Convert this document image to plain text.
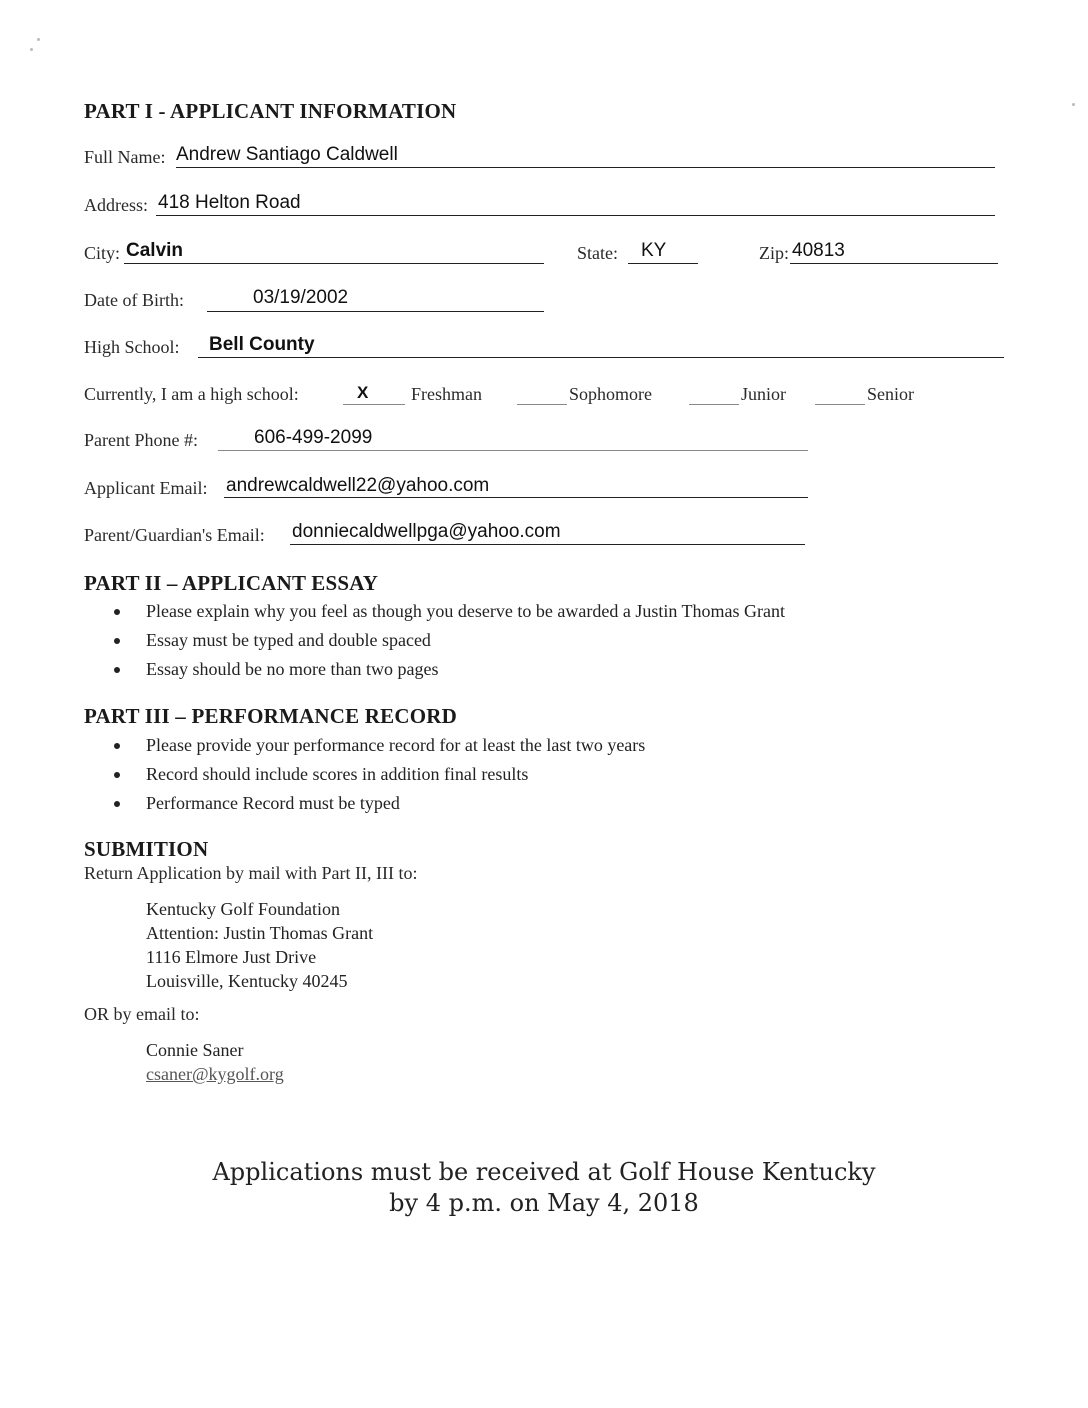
PART I - APPLICANT INFORMATION
Full Name: Andrew Santiago Caldwell
Address: 418 Helton Road
City: Calvin	State: KY	Zip: 40813
Date of Birth:	03/19/2002
High School: Bell County
Currently, I am a high school:	X Freshman	Sophomore	Junior	Senior
Parent Phone #:	606-499-2099
Applicant Email: andrewcaldwell22@yahoo.com
Parent/Guardian's Email: donniecaldwellpga@yahoo.com
PART II – APPLICANT ESSAY
Please explain why you feel as though you deserve to be awarded a Justin Thomas Grant
Essay must be typed and double spaced
Essay should be no more than two pages
PART III – PERFORMANCE RECORD
Please provide your performance record for at least the last two years
Record should include scores in addition final results
Performance Record must be typed
SUBMITION
Return Application by mail with Part II, III to:
Kentucky Golf Foundation
Attention: Justin Thomas Grant
1116 Elmore Just Drive
Louisville, Kentucky 40245
OR by email to:
Connie Saner
csaner@kygolf.org
Applications must be received at Golf House Kentucky
by 4 p.m. on May 4, 2018
